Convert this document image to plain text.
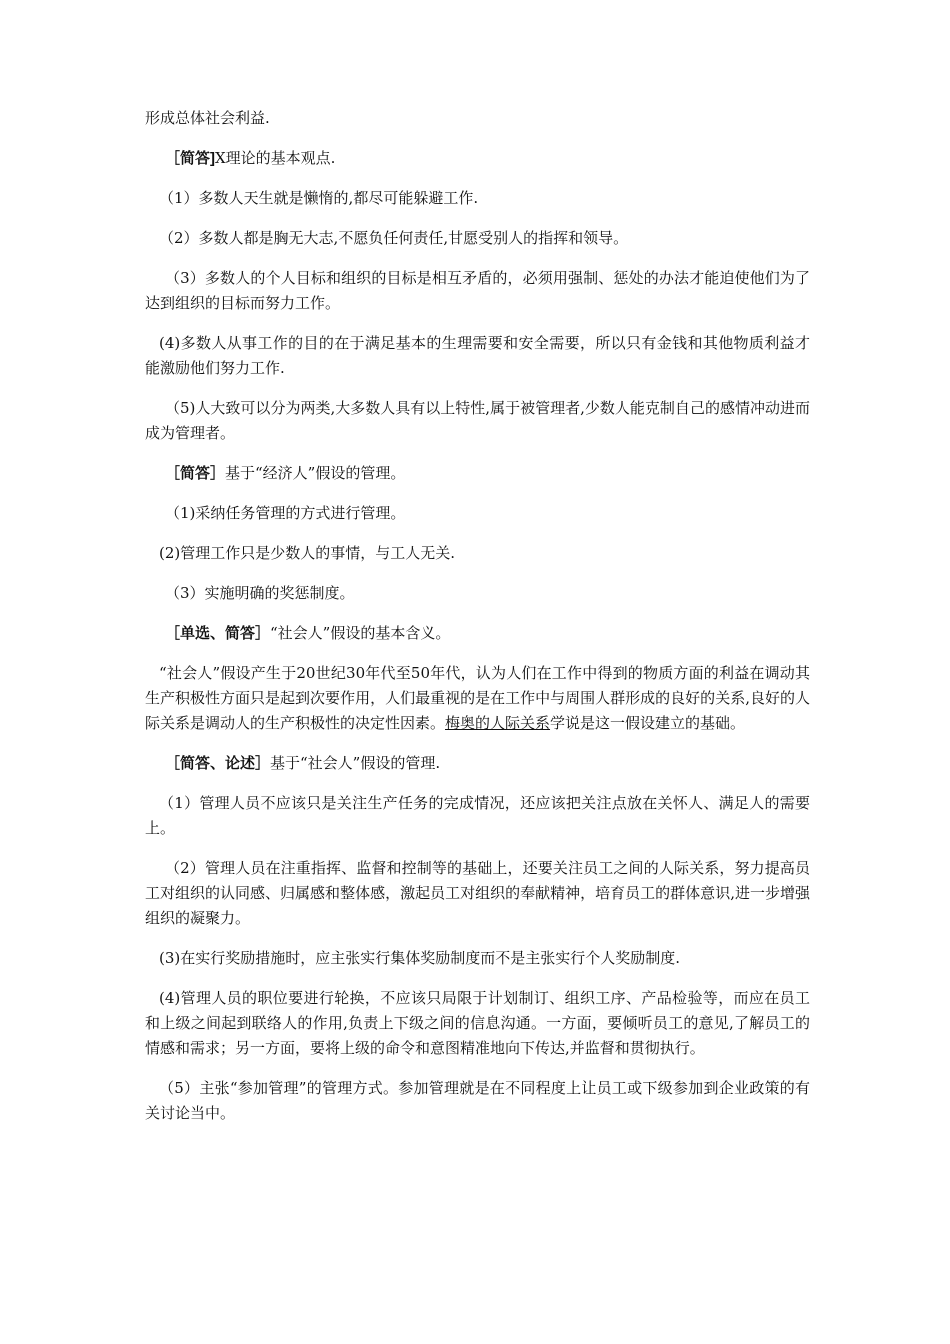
形成总体社会利益.

［简答]X理论的基本观点.

（1）多数人天生就是懒惰的,都尽可能躲避工作.

（2）多数人都是胸无大志,不愿负任何责任,甘愿受别人的指挥和领导。

（3）多数人的个人目标和组织的目标是相互矛盾的，必须用强制、惩处的办法才能迫使他们为了达到组织的目标而努力工作。

(4)多数人从事工作的目的在于满足基本的生理需要和安全需要，所以只有金钱和其他物质利益才能激励他们努力工作.

（5)人大致可以分为两类,大多数人具有以上特性,属于被管理者,少数人能克制自己的感情冲动进而成为管理者。

［简答］基于“经济人”假设的管理。

（1)采纳任务管理的方式进行管理。

(2)管理工作只是少数人的事情，与工人无关.

（3）实施明确的奖惩制度。

［单选、简答］“社会人”假设的基本含义。

“社会人”假设产生于20世纪30年代至50年代，认为人们在工作中得到的物质方面的利益在调动其生产积极性方面只是起到次要作用，人们最重视的是在工作中与周围人群形成的良好的关系,良好的人际关系是调动人的生产积极性的决定性因素。梅奥的人际关系学说是这一假设建立的基础。

［简答、论述］基于“社会人”假设的管理.

（1）管理人员不应该只是关注生产任务的完成情况，还应该把关注点放在关怀人、满足人的需要上。

（2）管理人员在注重指挥、监督和控制等的基础上，还要关注员工之间的人际关系，努力提高员工对组织的认同感、归属感和整体感，激起员工对组织的奉献精神，培育员工的群体意识,进一步增强组织的凝聚力。

(3)在实行奖励措施时，应主张实行集体奖励制度而不是主张实行个人奖励制度.

(4)管理人员的职位要进行轮换，不应该只局限于计划制订、组织工序、产品检验等，而应在员工和上级之间起到联络人的作用,负责上下级之间的信息沟通。一方面，要倾听员工的意见,了解员工的情感和需求；另一方面，要将上级的命令和意图精准地向下传达,并监督和贯彻执行。

（5）主张“参加管理”的管理方式。参加管理就是在不同程度上让员工或下级参加到企业政策的有关讨论当中。
